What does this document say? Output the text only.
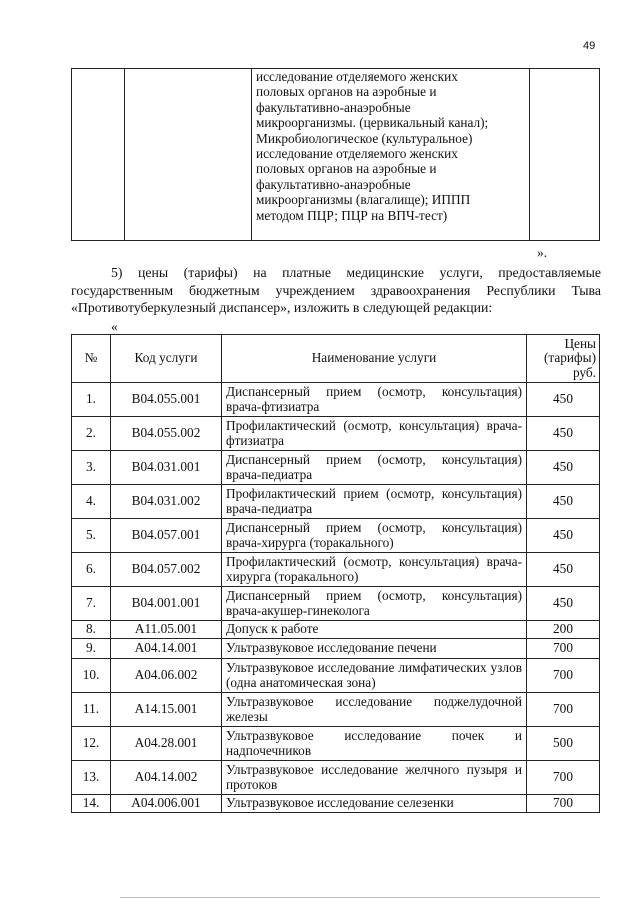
49

исследование отделяемого женских
половых органов на аэробные и
факультативно-анаэробные
микроорганизмы. (цервикальный канал);
Микробиологическое (культуральное)
исследование отделяемого женских
половых органов на аэробные и
факультативно-анаэробные
микроорганизмы (влагалище); ИППП
методом ПЦР; ПЦР на ВПЧ-тест)

».
5) цены (тарифы) на платные медицинские услуги, предоставляемые государственным бюджетным учреждением здравоохранения Республики Тыва «Противотуберкулезный диспансер», изложить в следующей редакции:
«
№	Код услуги	Наименование услуги	Цены (тарифы) руб.
1.	B04.055.001	Диспансерный прием (осмотр, консультация) врача-фтизиатра	450
2.	B04.055.002	Профилактический (осмотр, консультация) врача-фтизиатра	450
3.	B04.031.001	Диспансерный прием (осмотр, консультация) врача-педиатра	450
4.	B04.031.002	Профилактический прием (осмотр, консультация) врача-педиатра	450
5.	B04.057.001	Диспансерный прием (осмотр, консультация) врача-хирурга (торакального)	450
6.	B04.057.002	Профилактический (осмотр, консультация) врача-хирурга (торакального)	450
7.	B04.001.001	Диспансерный прием (осмотр, консультация) врача-акушер-гинеколога	450
8.	A11.05.001	Допуск к работе	200
9.	A04.14.001	Ультразвуковое исследование печени	700
10.	A04.06.002	Ультразвуковое исследование лимфатических узлов (одна анатомическая зона)	700
11.	A14.15.001	Ультразвуковое исследование поджелудочной железы	700
12.	A04.28.001	Ультразвуковое исследование почек и надпочечников	500
13.	A04.14.002	Ультразвуковое исследование желчного пузыря и протоков	700
14.	A04.006.001	Ультразвуковое исследование селезенки	700
